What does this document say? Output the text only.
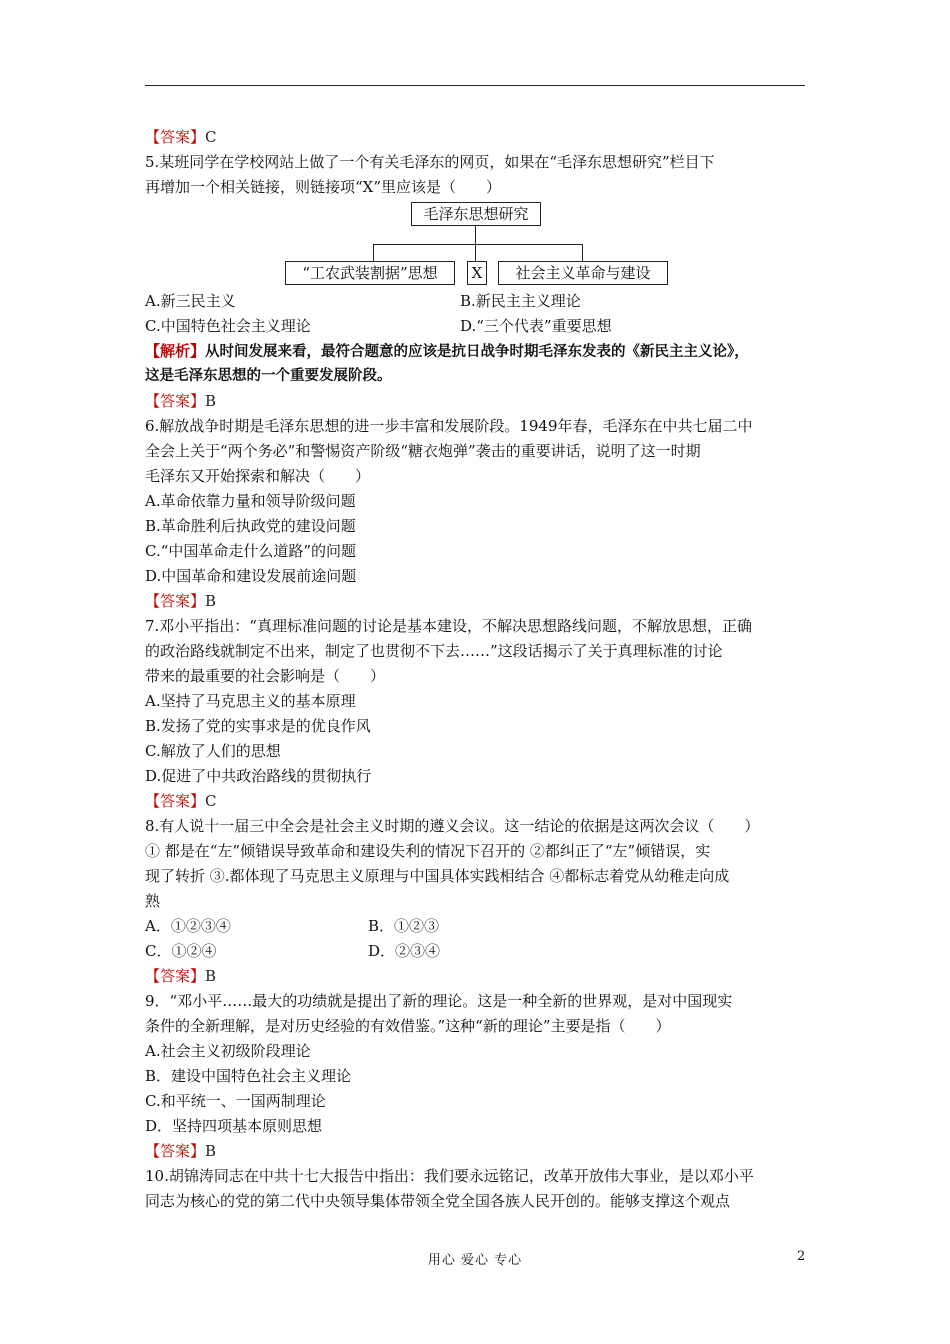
【答案】C
5.某班同学在学校网站上做了一个有关毛泽东的网页，如果在“毛泽东思想研究”栏目下
再增加一个相关链接，则链接项“X”里应该是（　　）
毛泽东思想研究
“工农武装割据”思想	X	社会主义革命与建设
A.新三民主义	B.新民主主义理论
C.中国特色社会主义理论	D.“三个代表”重要思想
【解析】从时间发展来看，最符合题意的应该是抗日战争时期毛泽东发表的《新民主主义论》，
这是毛泽东思想的一个重要发展阶段。
【答案】B
6.解放战争时期是毛泽东思想的进一步丰富和发展阶段。1949年春，毛泽东在中共七届二中
全会上关于“两个务必”和警惕资产阶级“糖衣炮弹”袭击的重要讲话，说明了这一时期
毛泽东又开始探索和解决（　　）
A.革命依靠力量和领导阶级问题
B.革命胜利后执政党的建设问题
C.“中国革命走什么道路”的问题
D.中国革命和建设发展前途问题
【答案】B
7.邓小平指出：“真理标准问题的讨论是基本建设，不解决思想路线问题，不解放思想，正确
的政治路线就制定不出来，制定了也贯彻不下去……”这段话揭示了关于真理标准的讨论
带来的最重要的社会影响是（　　）
A.坚持了马克思主义的基本原理
B.发扬了党的实事求是的优良作风
C.解放了人们的思想
D.促进了中共政治路线的贯彻执行
【答案】C
8.有人说十一届三中全会是社会主义时期的遵义会议。这一结论的依据是这两次会议（　　）
① 都是在“左”倾错误导致革命和建设失利的情况下召开的 ②都纠正了“左”倾错误，实
现了转折 ③.都体现了马克思主义原理与中国具体实践相结合 ④都标志着党从幼稚走向成
熟
A．①②③④	B．①②③
C．①②④	D．②③④
【答案】B
9．“邓小平……最大的功绩就是提出了新的理论。这是一种全新的世界观，是对中国现实
条件的全新理解，是对历史经验的有效借鉴。”这种“新的理论”主要是指（　　）
A.社会主义初级阶段理论
B．建设中国特色社会主义理论
C.和平统一、一国两制理论
D．坚持四项基本原则思想
【答案】B
10.胡锦涛同志在中共十七大报告中指出：我们要永远铭记，改革开放伟大事业，是以邓小平
同志为核心的党的第二代中央领导集体带领全党全国各族人民开创的。能够支撑这个观点
用心 爱心 专心	2
